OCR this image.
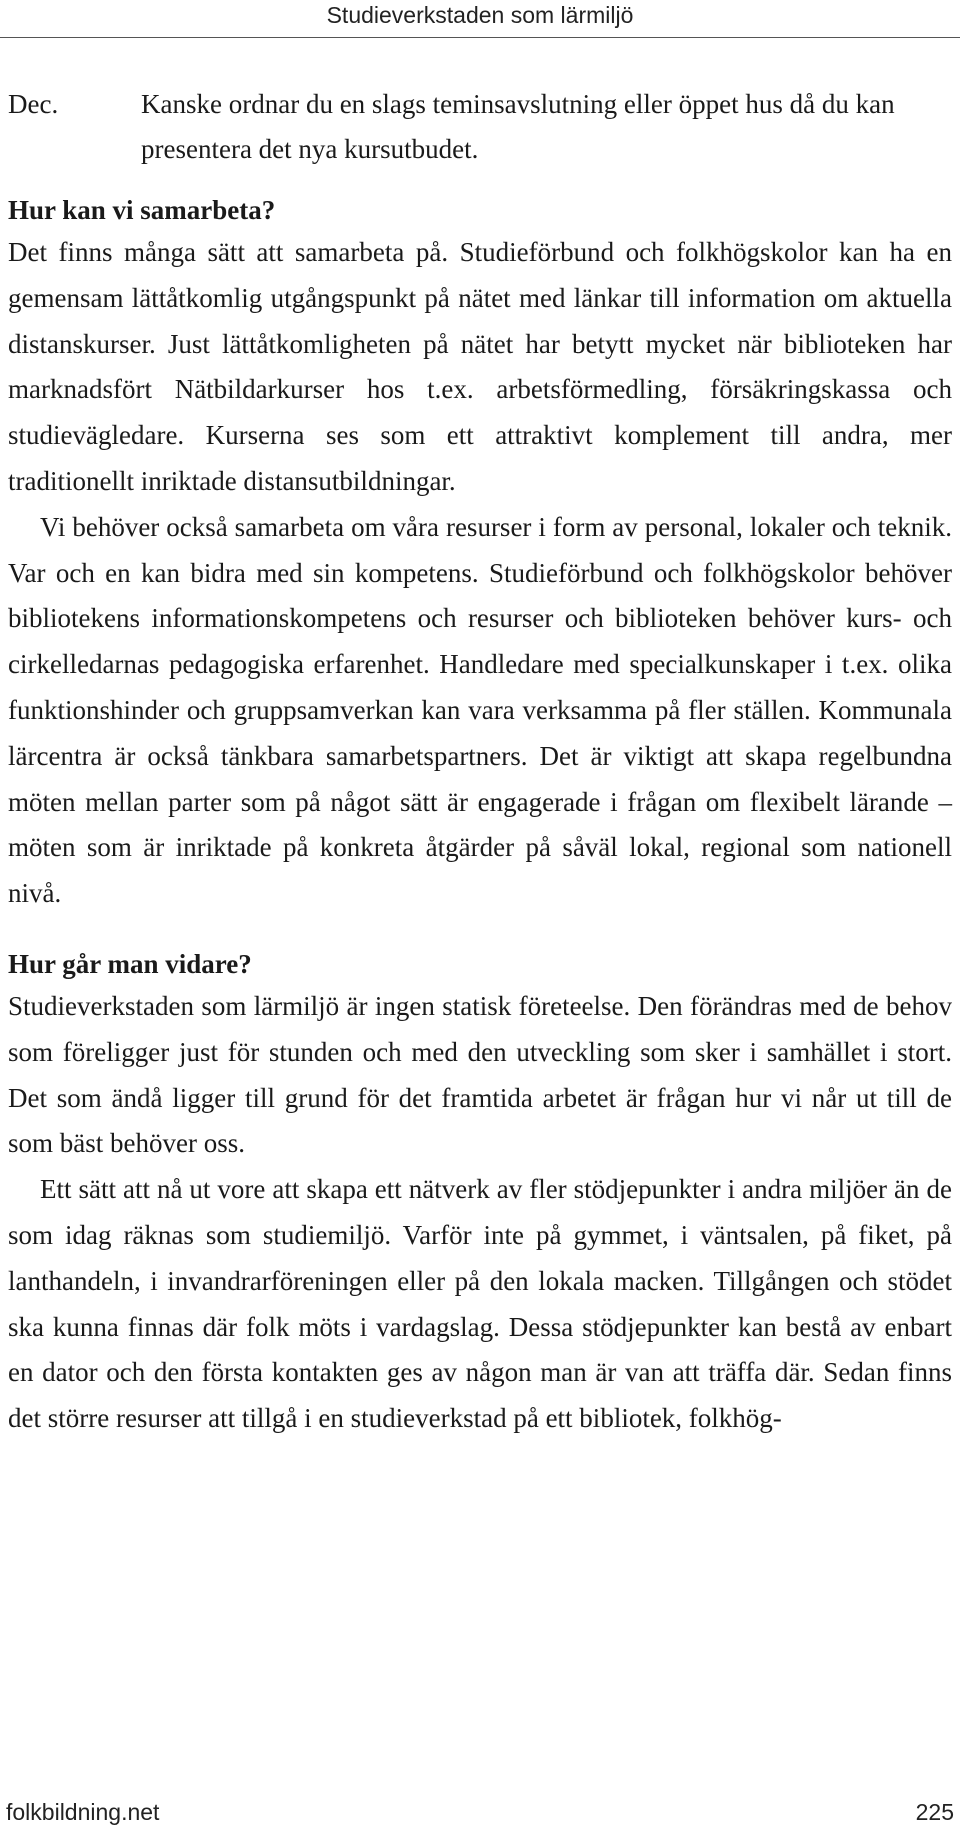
Studieverkstaden som lärmiljö
Dec.	Kanske ordnar du en slags teminsavslutning eller öppet hus då du kan presentera det nya kursutbudet.
Hur kan vi samarbeta?

Det finns många sätt att samarbeta på. Studieförbund och folkhögskolor kan ha en gemensam lättåtkomlig utgångspunkt på nätet med länkar till information om aktuella distanskurser. Just lättåtkomligheten på nätet har betytt mycket när biblioteken har marknadsfört Nätbildarkurser hos t.ex. arbetsförmedling, försäkringskassa och studievägledare. Kurserna ses som ett attraktivt komplement till andra, mer traditionellt inriktade distansutbildningar.

Vi behöver också samarbeta om våra resurser i form av personal, lokaler och teknik. Var och en kan bidra med sin kompetens. Studieförbund och folkhögskolor behöver bibliotekens informationskompetens och resurser och biblioteken behöver kurs- och cirkelledarnas pedagogiska erfarenhet. Handledare med specialkunskaper i t.ex. olika funktionshinder och gruppsamverkan kan vara verksamma på fler ställen. Kommunala lärcentra är också tänkbara samarbetspartners. Det är viktigt att skapa regelbundna möten mellan parter som på något sätt är engagerade i frågan om flexibelt lärande – möten som är inriktade på konkreta åtgärder på såväl lokal, regional som nationell nivå.

Hur går man vidare?

Studieverkstaden som lärmiljö är ingen statisk företeelse. Den förändras med de behov som föreligger just för stunden och med den utveckling som sker i samhället i stort. Det som ändå ligger till grund för det framtida arbetet är frågan hur vi når ut till de som bäst behöver oss.

Ett sätt att nå ut vore att skapa ett nätverk av fler stödjepunkter i andra miljöer än de som idag räknas som studiemiljö. Varför inte på gymmet, i väntsalen, på fiket, på lanthandeln, i invandrarföreningen eller på den lokala macken. Tillgången och stödet ska kunna finnas där folk möts i vardagslag. Dessa stödjepunkter kan bestå av enbart en dator och den första kontakten ges av någon man är van att träffa där. Sedan finns det större resurser att tillgå i en studieverkstad på ett bibliotek, folkhög-

folkbildning.net	225
